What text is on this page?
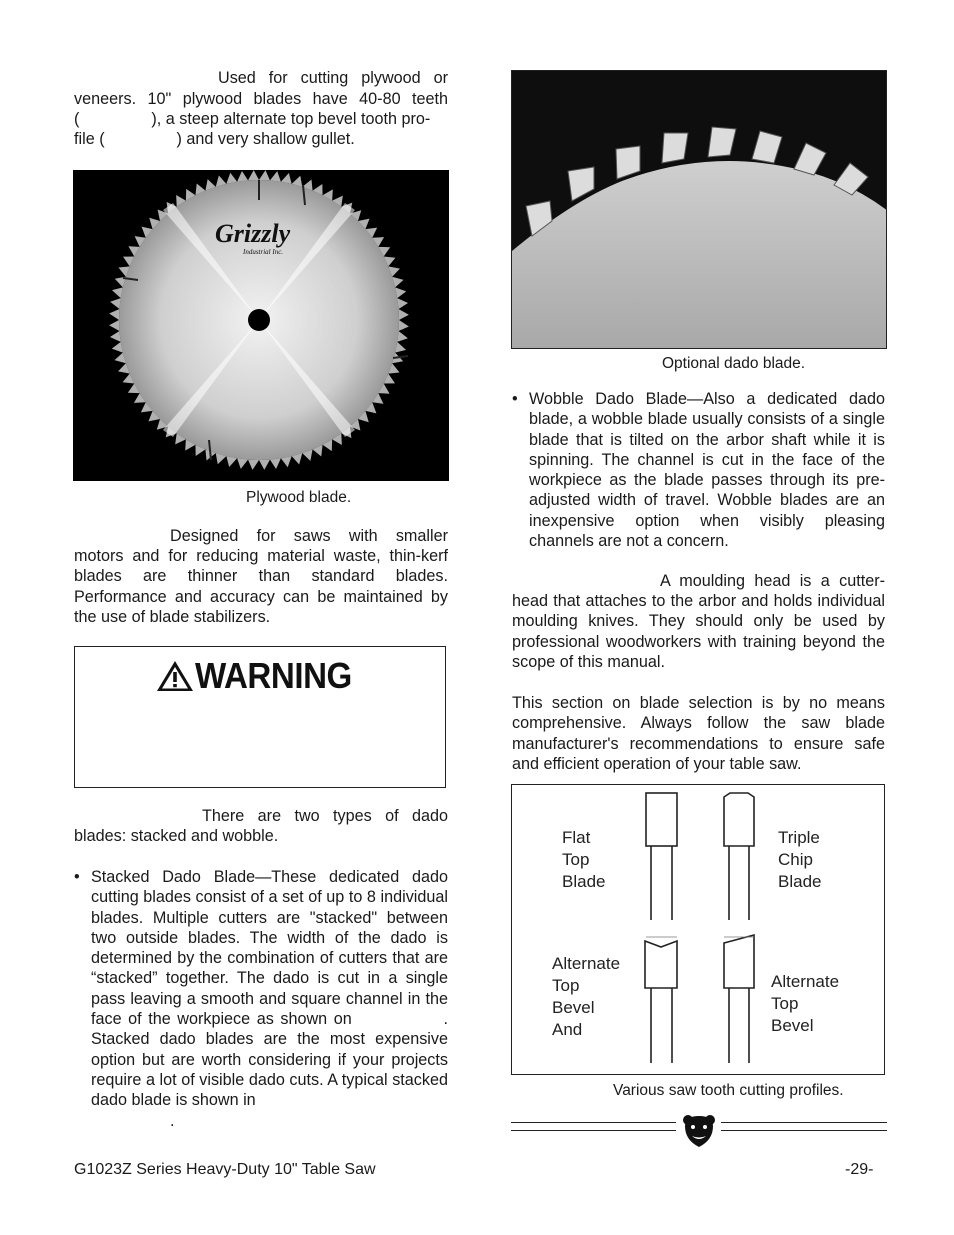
Used for cutting plywood or

veneers. 10" plywood blades have 40-80 teeth

(                ), a steep alternate top bevel tooth pro-

file (                ) and very shallow gullet.

Grizzly
Industrial Inc.
Plywood blade.

Designed for saws with smaller

motors and for reducing material waste, thin-kerf blades are thinner than standard blades. Performance and accuracy can be maintained by the use of blade stabilizers.

WARNING

There are two types of dado

blades: stacked and wobble.

• Stacked Dado Blade—These dedicated dado cutting blades consist of a set of up to 8 individual blades. Multiple cutters are "stacked" between two outside blades. The width of the dado is determined by the combination of cutters that are “stacked” together. The dado is cut in a single pass leaving a smooth and square channel in the face of the workpiece as shown on              . Stacked dado blades are the most expensive option but are worth considering if your projects require a lot of visible dado cuts. A typical stacked dado blade is shown in

.

Optional dado blade.
• Wobble Dado Blade—Also a dedicated dado blade, a wobble blade usually consists of a single blade that is tilted on the arbor shaft while it is spinning. The channel is cut in the face of the workpiece as the blade passes through its pre-adjusted width of travel. Wobble blades are an inexpensive option when visibly pleasing channels are not a concern.

A moulding head is a cutter-

head that attaches to the arbor and holds individual moulding knives. They should only be used by professional woodworkers with training beyond the scope of this manual.

This section on blade selection is by no means comprehensive. Always follow the saw blade manufacturer's recommendations to ensure safe and efficient operation of your table saw.

Flat
Top
Blade
Triple
Chip
Blade
Alternate
Top
Bevel
And
Alternate
Top
Bevel
Various saw tooth cutting profiles.
G1023Z Series Heavy-Duty 10" Table Saw	-29-
